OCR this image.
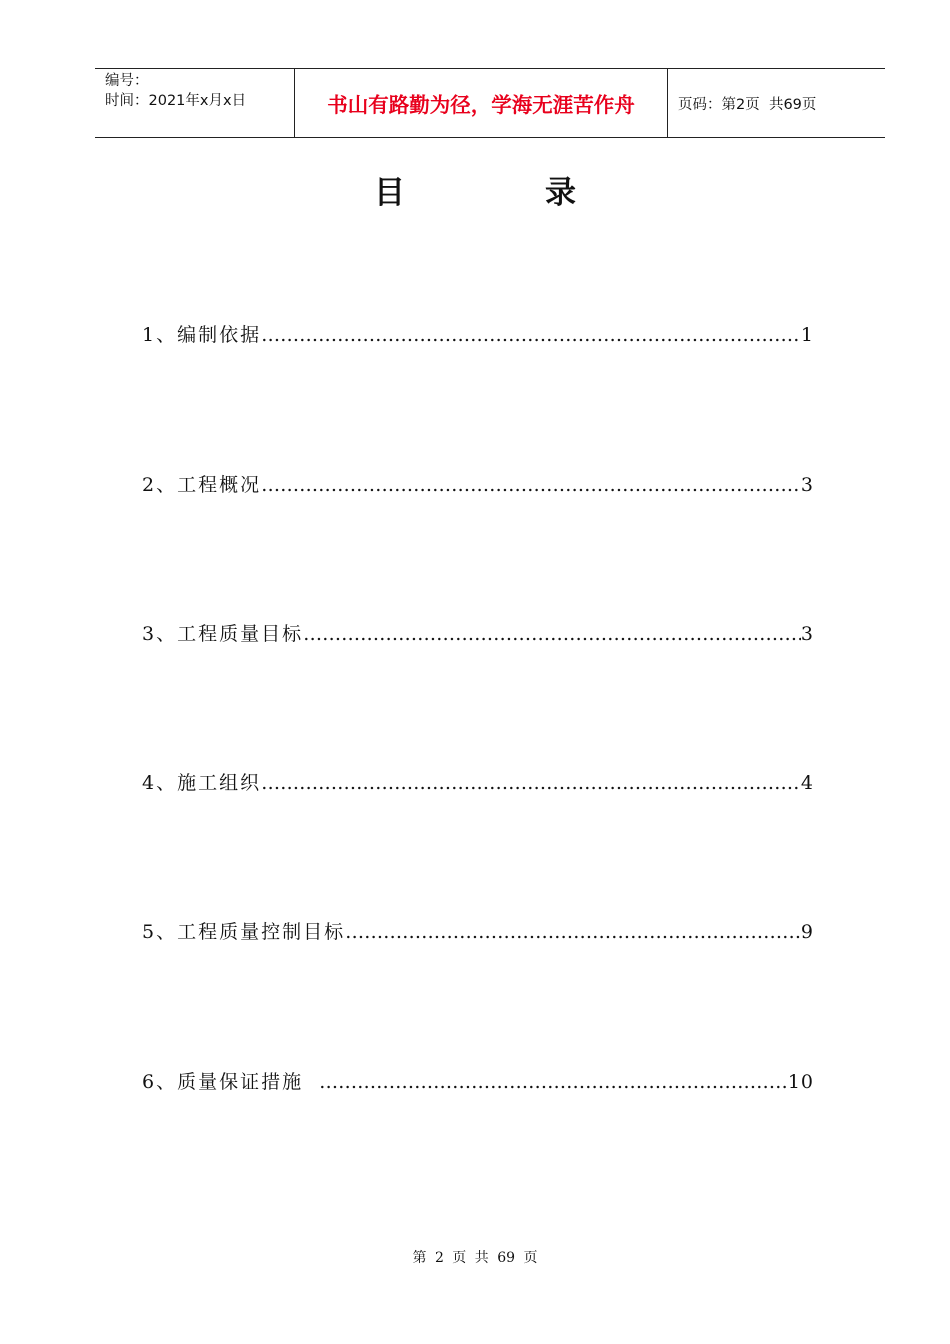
编号：
时间：2021年x月x日	书山有路勤为径，学海无涯苦作舟	页码：第2页  共69页
目	录
1、编制依据 ……………………………………………………………………………………………………	1
2、工程概况 ……………………………………………………………………………………………………	3
3、工程质量目标 ……………………………………………………………………………………………………	3
4、施工组织 ……………………………………………………………………………………………………	4
5、工程质量控制目标 ……………………………………………………………………………………………………	9
6、质量保证措施 ……………………………………………………………………………………………………	10
第 2 页 共 69 页
